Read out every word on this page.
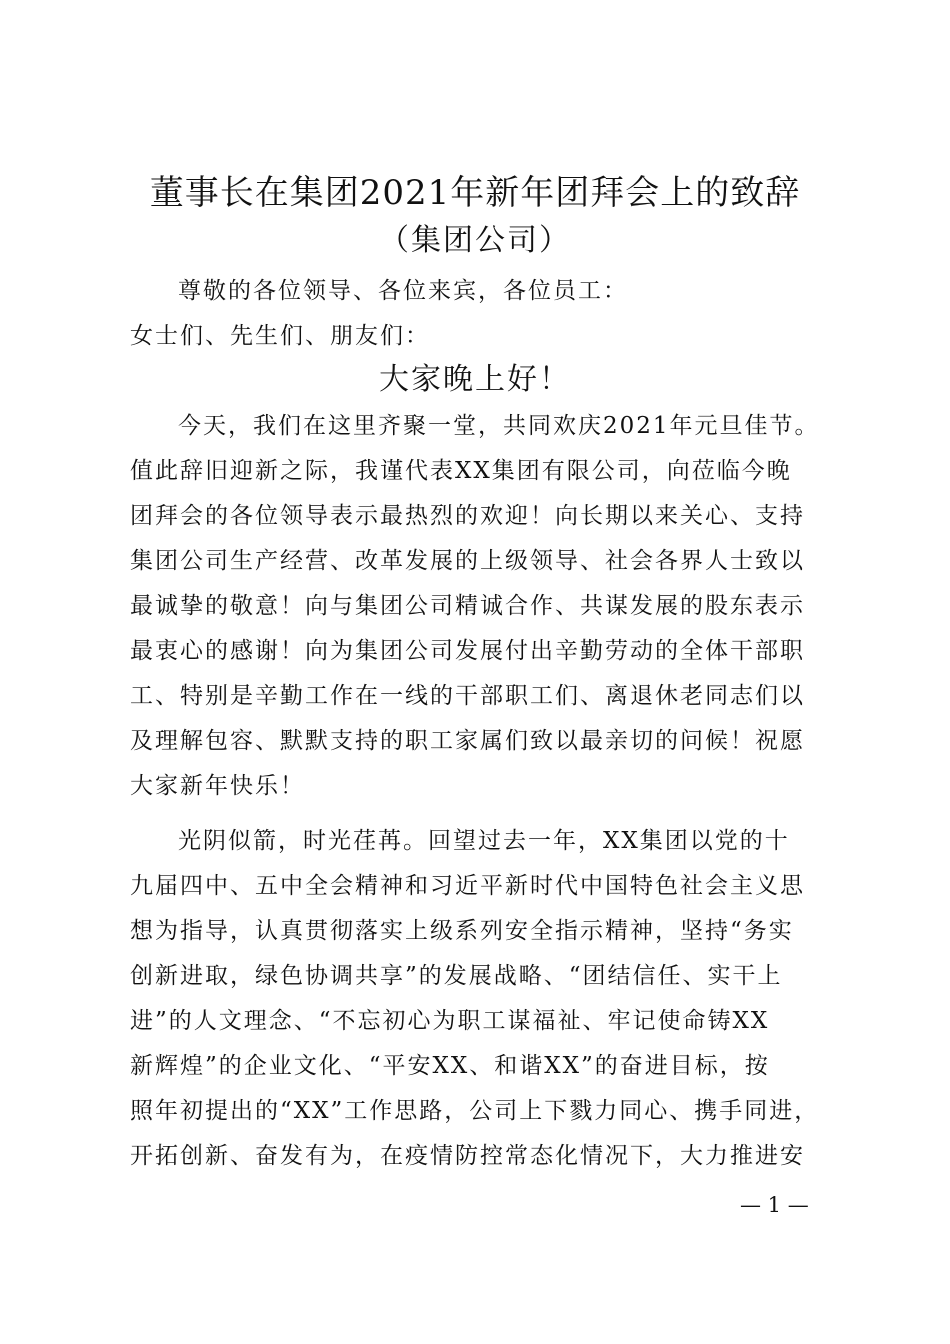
董事长在集团2021年新年团拜会上的致辞
（集团公司）
尊敬的各位领导、各位来宾，各位员工：
女士们、先生们、朋友们：
大家晚上好！
今天，我们在这里齐聚一堂，共同欢庆2021年元旦佳节。
值此辞旧迎新之际，我谨代表XX集团有限公司，向莅临今晚
团拜会的各位领导表示最热烈的欢迎！向长期以来关心、支持
集团公司生产经营、改革发展的上级领导、社会各界人士致以
最诚挚的敬意！向与集团公司精诚合作、共谋发展的股东表示
最衷心的感谢！向为集团公司发展付出辛勤劳动的全体干部职
工、特别是辛勤工作在一线的干部职工们、离退休老同志们以
及理解包容、默默支持的职工家属们致以最亲切的问候！祝愿
大家新年快乐！
光阴似箭，时光荏苒。回望过去一年，XX集团以党的十
九届四中、五中全会精神和习近平新时代中国特色社会主义思
想为指导，认真贯彻落实上级系列安全指示精神，坚持“务实
创新进取，绿色协调共享”的发展战略、“团结信任、实干上
进”的人文理念、“不忘初心为职工谋福祉、牢记使命铸XX
新辉煌”的企业文化、“平安XX、和谐XX”的奋进目标，按
照年初提出的“XX”工作思路，公司上下戮力同心、携手同进，
开拓创新、奋发有为，在疫情防控常态化情况下，大力推进安
— 1 —
